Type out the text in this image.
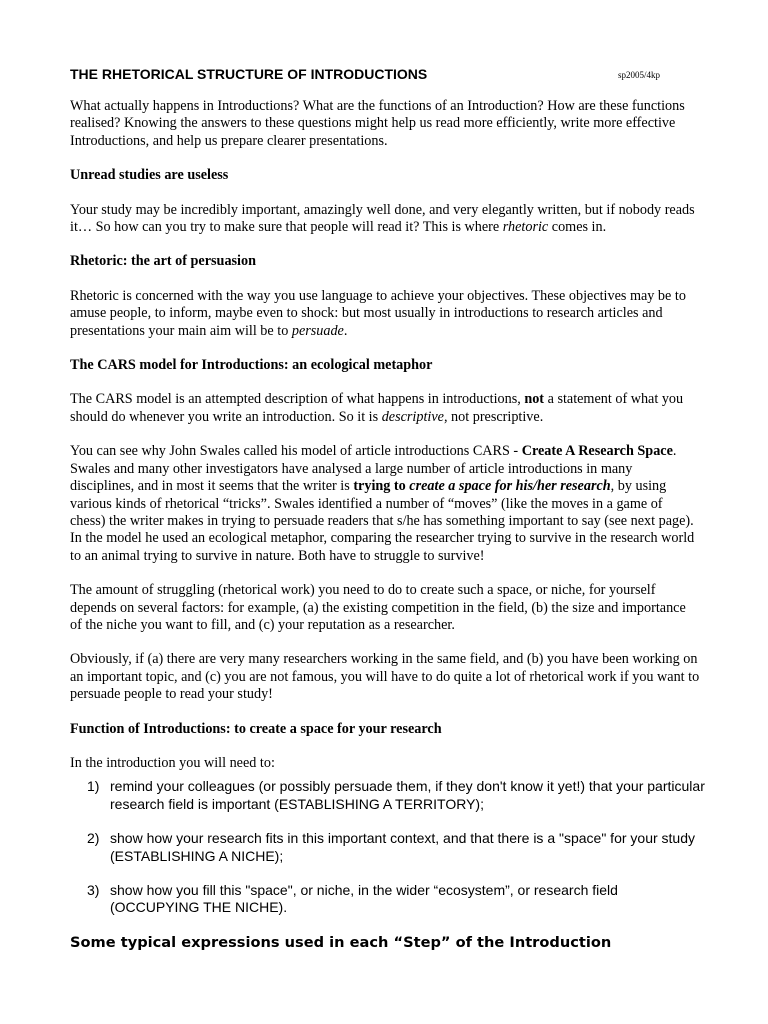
THE RHETORICAL STRUCTURE OF INTRODUCTIONS	sp2005/4kp

What actually happens in Introductions? What are the functions of an Introduction? How are these functions realised? Knowing the answers to these questions might help us read more efficiently, write more effective Introductions, and help us prepare clearer presentations.

Unread studies are useless

Your study may be incredibly important, amazingly well done, and very elegantly written, but if nobody reads it… So how can you try to make sure that people will read it? This is where rhetoric comes in.

Rhetoric: the art of persuasion

Rhetoric is concerned with the way you use language to achieve your objectives. These objectives may be to amuse people, to inform, maybe even to shock: but most usually in introductions to research articles and presentations your main aim will be to persuade.

The CARS model for Introductions: an ecological metaphor

The CARS model is an attempted description of what happens in introductions, not a statement of what you should do whenever you write an introduction. So it is descriptive, not prescriptive.

You can see why John Swales called his model of article introductions CARS - Create A Research Space. Swales and many other investigators have analysed a large number of article introductions in many disciplines, and in most it seems that the writer is trying to create a space for his/her research, by using various kinds of rhetorical “tricks”. Swales identified a number of “moves” (like the moves in a game of chess) the writer makes in trying to persuade readers that s/he has something important to say (see next page). In the model he used an ecological metaphor, comparing the researcher trying to survive in the research world to an animal trying to survive in nature. Both have to struggle to survive!

The amount of struggling (rhetorical work) you need to do to create such a space, or niche, for yourself depends on several factors: for example, (a) the existing competition in the field, (b) the size and importance of the niche you want to fill, and (c) your reputation as a researcher.

Obviously, if (a) there are very many researchers working in the same field, and (b) you have been working on an important topic, and (c) you are not famous, you will have to do quite a lot of rhetorical work if you want to persuade people to read your study!

Function of Introductions: to create a space for your research

In the introduction you will need to:

1) remind your colleagues (or possibly persuade them, if they don't know it yet!) that your particular research field is important (ESTABLISHING A TERRITORY);
2) show how your research fits in this important context, and that there is a "space" for your study (ESTABLISHING A NICHE);
3) show how you fill this "space", or niche, in the wider “ecosystem”, or research field (OCCUPYING THE NICHE).

Some typical expressions used in each “Step” of the Introduction
